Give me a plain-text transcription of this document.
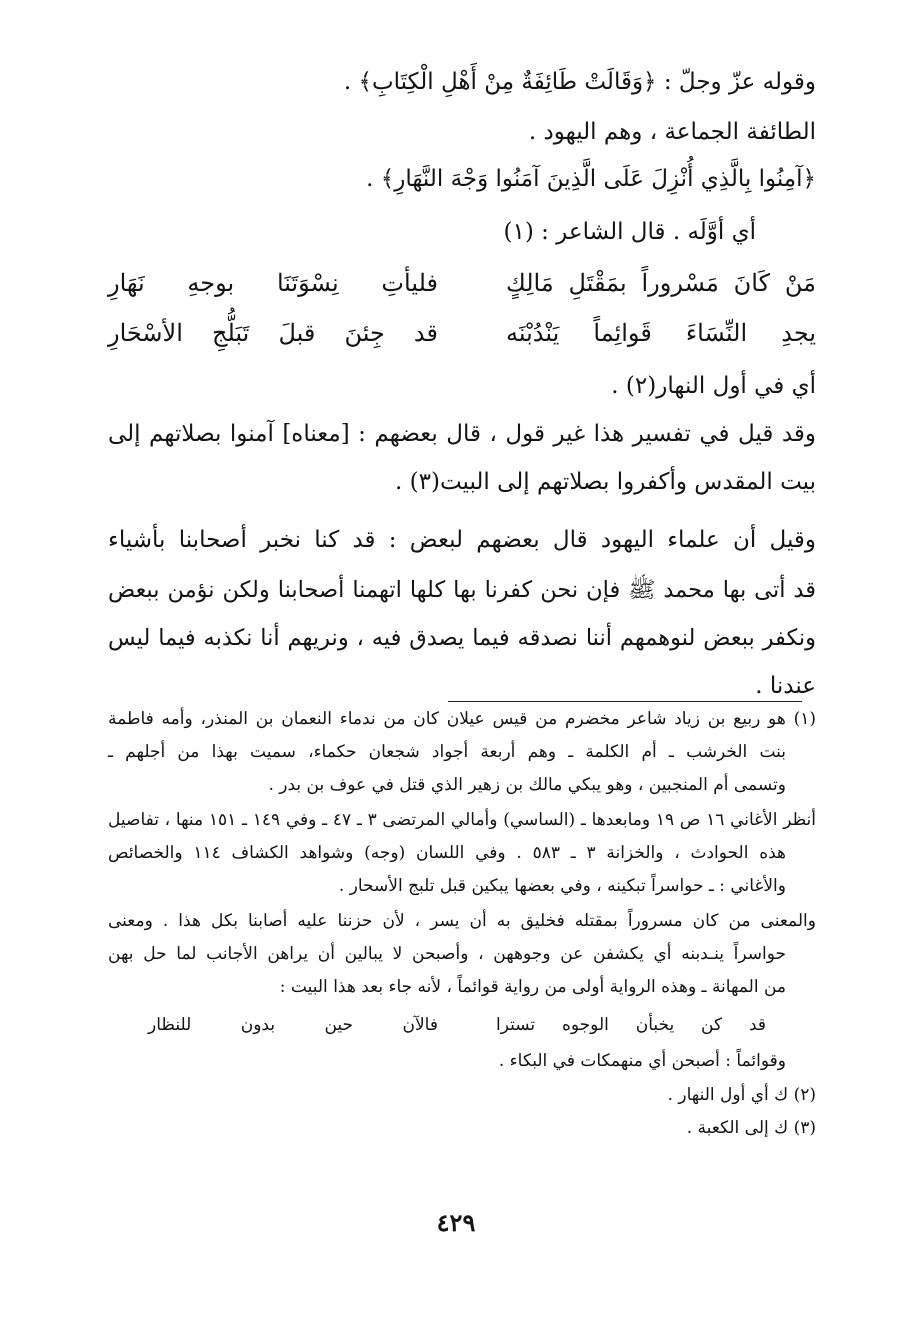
وقوله عزّ وجلّ : ﴿وَقَالَتْ طَائِفَةٌ مِنْ أَهْلِ الْكِتَابِ﴾ .
الطائفة الجماعة ، وهم اليهود .
﴿آمِنُوا بِالَّذِي أُنْزِلَ عَلَى الَّذِينَ آمَنُوا وَجْهَ النَّهَارِ﴾ .
أي أوَّلَه . قال الشاعر : (١)
مَنْ كَانَ مَسْروراً بمَقْتَلِ مَالِكٍ
فليأتِ نِسْوَتَنَا بوجهِ نَهَارِ
يجدِ النِّسَاءَ قَوائِماً يَنْدُبْنَه
قد جِئنَ قبلَ تَبَلُّجِ الأسْحَارِ
أي في أول النهار(٢) .
وقد قيل في تفسير هذا غير قول ، قال بعضهم : [معناه] آمنوا بصلاتهم إلى
بيت المقدس وأكفروا بصلاتهم إلى البيت(٣) .
وقيل أن علماء اليهود قال بعضهم لبعض : قد كنا نخبر أصحابنا بأشياء
قد أتى بها محمد ﷺ فإن نحن كفرنا بها كلها اتهمنا أصحابنا ولكن نؤمن ببعض
ونكفر ببعض لنوهمهم أننا نصدقه فيما يصدق فيه ، ونريهم أنا نكذبه فيما ليس
عندنا .
(١) هو ربيع بن زياد شاعر مخضرم من قيس عيلان كان من ندماء النعمان بن المنذر، وأمه فاطمة
بنت الخرشب ـ أم الكلمة ـ وهم أربعة أجواد شجعان حكماء، سميت بهذا من أجلهم ـ
وتسمى أم المنجبين ، وهو يبكي مالك بن زهير الذي قتل في عوف بن بدر .
أنظر الأغاني ١٦ ص ١٩ ومابعدها ـ (الساسي) وأمالي المرتضى ٣ ـ ٤٧ ـ وفي ١٤٩ ـ ١٥١ منها ، تفاصيل
هذه الحوادث ، والخزانة ٣ ـ ٥٨٣ . وفي اللسان (وجه) وشواهد الكشاف ١١٤ والخصائص
والأغاني : ـ حواسراً تبكينه ، وفي بعضها يبكين قبل تلبج الأسحار .
والمعنى من كان مسروراً بمقتله فخليق به أن يسر ، لأن حزننا عليه أصابنا بكل هذا . ومعنى
حواسراً ينـدبنه أي يكشفن عن وجوههن ، وأصبحن لا يبالين أن يراهن الأجانب لما حل بهن
من المهانة ـ وهذه الرواية أولى من رواية قوائماً ، لأنه جاء بعد هذا البيت :
قد كن يخبأن الوجوه تسترا
فالآن حين بدون للنظار
وقوائماً : أصبحن أي منهمكات في البكاء .
(٢) ك أي أول النهار .
(٣) ك إلى الكعبة .
٤٢٩
